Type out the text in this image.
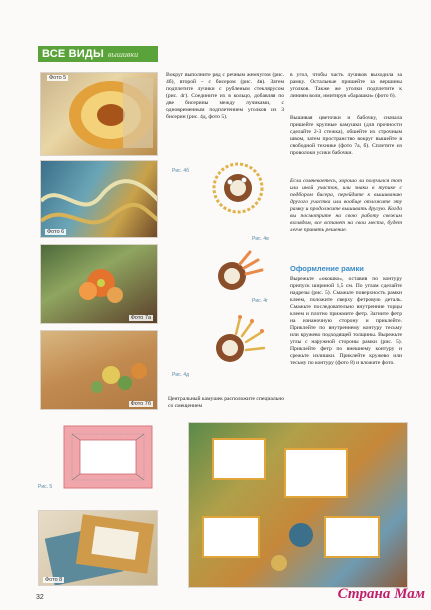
ВСЕ ВИДЫ вышивки
Фото 5
Фото 6
Фото 7а
Фото 7б
Рис. 5
Фото 8
Рис. 4б
Рис. 4в
Рис. 4г
Рис. 4д
Вокруг выполните ряд с речным жемчугом (рис. 4б), второй – с бисером (рис. 4в). Затем подплетите лучики с рубленым стеклярусом (рис. 4г). Соедините их в кольцо, добавляя по две бисерины между лучиками, с одновременным подплетением уголков из 3 бисерин (рис. 4д, фото 5).
Центральный камушек расположите специально со смещением
в угол, чтобы часть лучиков выходила за рамку. Остальные пришейте за вершины уголков. Также же уголки подплетите к линиям воли, имитируя «барашки» (фото 6).
Вышивая цветочки и бабочку, сначала пришейте крупные камушки (для прочности сделайте 2-3 стежка), обшейте их строчным швом, затем пространство вокруг вышейте в свободной технике (фото 7а, б). Сплетите из проволоки усики бабочки.
Если сомневаетесь, хорошо ли получился тот или иной участок, или знаки в тупике с подбором бисера, перейдите к вышиванию другого участка или вообще отложите эту рамку и продолжите вышивать другую. Когда вы посмотрите на свою работу свежим взглядом, все встанет на свои места, будет легче принять решение.
Оформление рамки
Вырежьте «окошко», оставив по контуру припуск шириной 1,5 см. По углам сделайте надрезы (рис. 5). Смажьте поверхность рамки клеем, положите сверху фетровую деталь. Смажьте последовательно внутренние торцы клеем и плотно прижмите фетр. Загните фетр на изнаночную сторону и приклейте. Приклейте по внутреннему контуру тесьму или кружево подходящей толщины. Вырежьте углы с наружной стороны рамки (рис. 5). Приклейте фетр по внешнему контуру и срежьте излишки. Приклейте кружево или тесьму по контуру (фото 8) и вложите фото.
32	Страна Мам
